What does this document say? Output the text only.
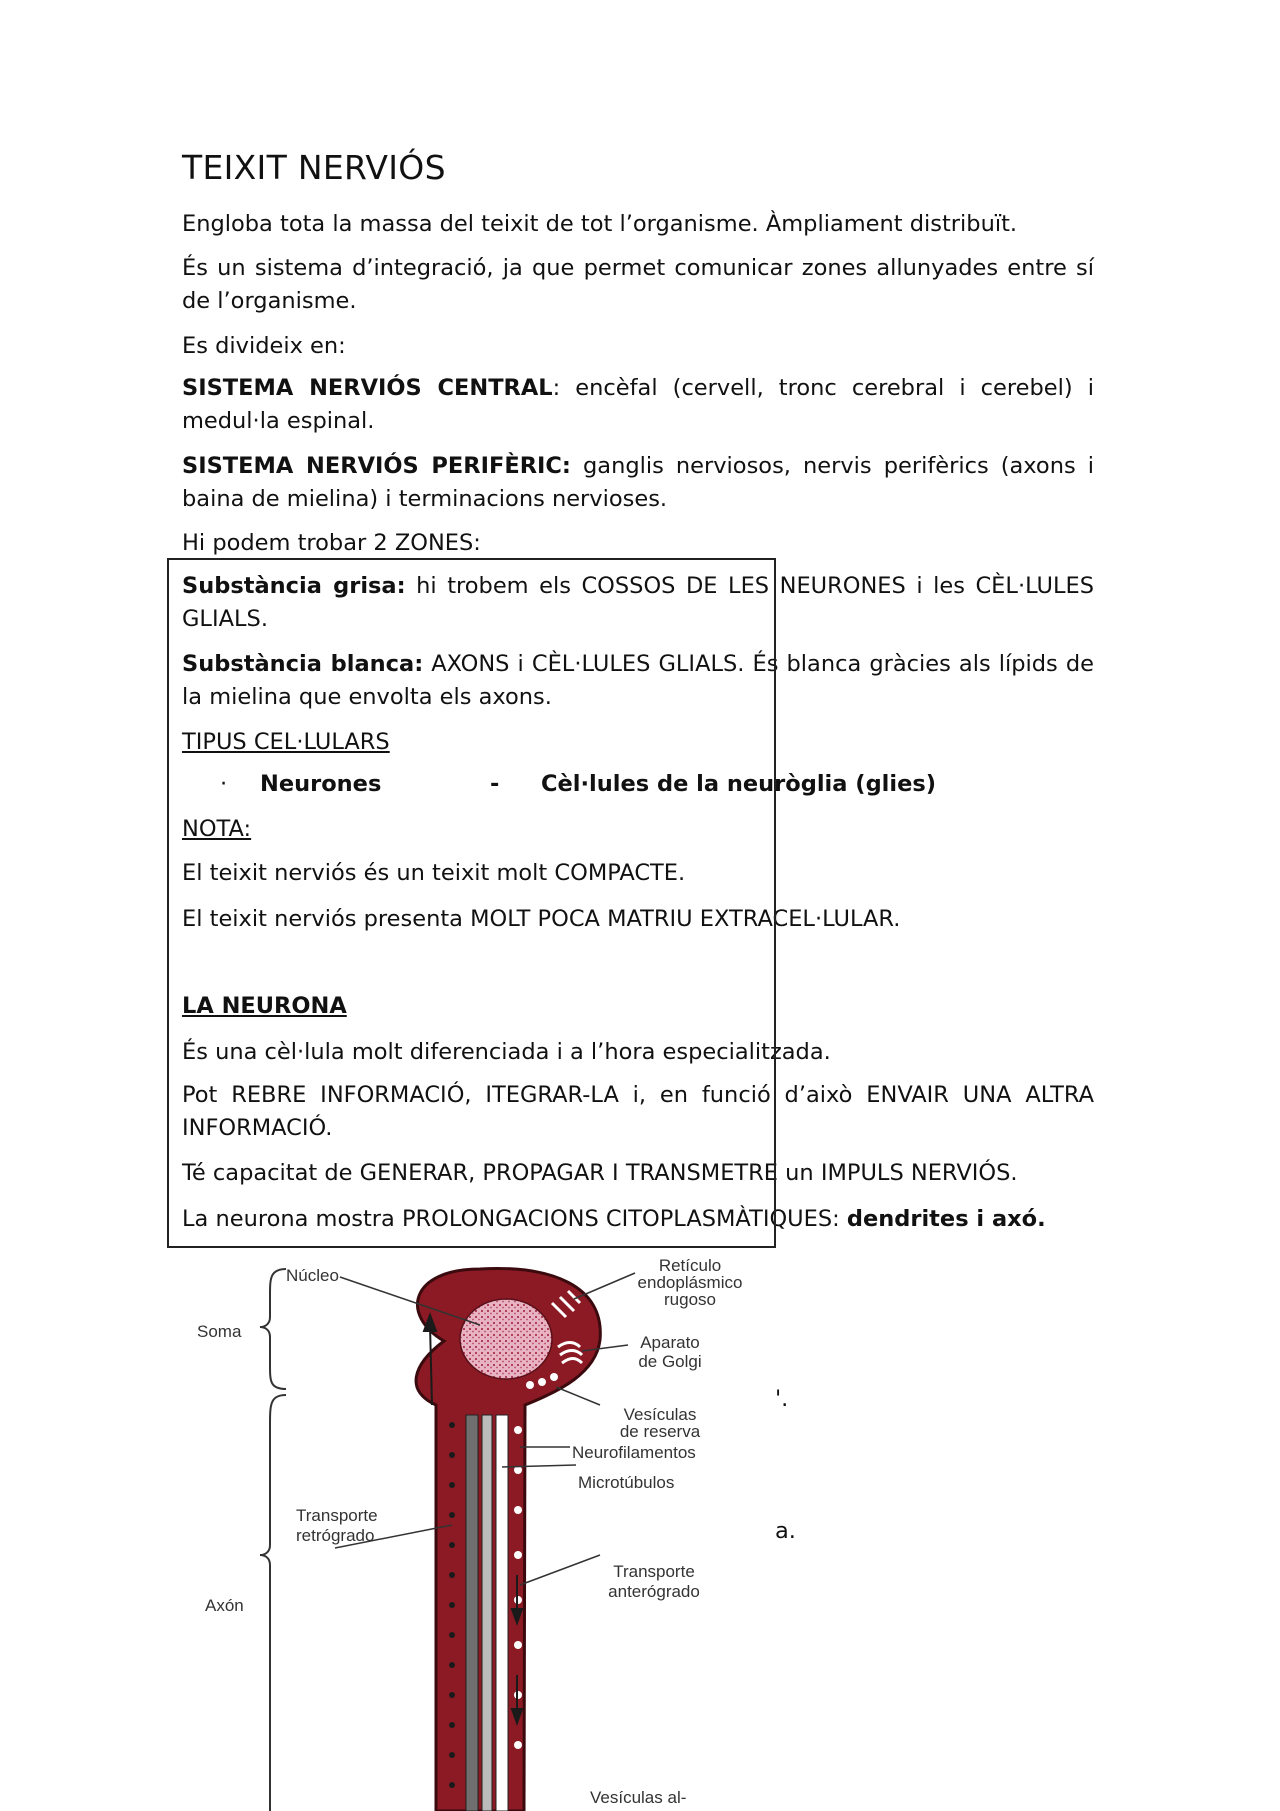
TEIXIT NERVIÓS

Engloba tota la massa del teixit de tot l’organisme. Àmpliament distribuït.

És un sistema d’integració, ja que permet comunicar zones allunyades entre sí de l’organisme.

Es divideix en:

SISTEMA NERVIÓS CENTRAL: encèfal (cervell, tronc cerebral i cerebel) i medul·la espinal.

SISTEMA NERVIÓS PERIFÈRIC: ganglis nerviosos, nervis perifèrics (axons i baina de mielina) i terminacions nervioses.

Hi podem trobar 2 ZONES:

Substància grisa: hi trobem els COSSOS DE LES NEURONES i les CÈL·LULES GLIALS.

Substància blanca: AXONS i CÈL·LULES GLIALS. És blanca gràcies als lípids de la mielina que envolta els axons.

TIPUS CEL·LULARS

· Neurones	- Cèl·lules de la neuròglia (glies)

NOTA:

El teixit nerviós és un teixit molt COMPACTE.

El teixit nerviós presenta MOLT POCA MATRIU EXTRACEL·LULAR.

LA NEURONA

És una cèl·lula molt diferenciada i a l’hora especialitzada.

Pot REBRE INFORMACIÓ, ITEGRAR-LA i, en funció d’això ENVAIR UNA ALTRA INFORMACIÓ.

Té capacitat de GENERAR, PROPAGAR I TRANSMETRE un IMPULS NERVIÓS.

La neurona mostra PROLONGACIONS CITOPLASMÀTIQUES: dendrites i axó.

'.
a.
Núcleo
Soma
Retículo
endoplásmico
rugoso
Aparato
de Golgi
Vesículas
de reserva
Neurofilamentos
Microtúbulos
Transporte
retrógrado
Transporte
anterógrado
Axón
Vesículas al-
